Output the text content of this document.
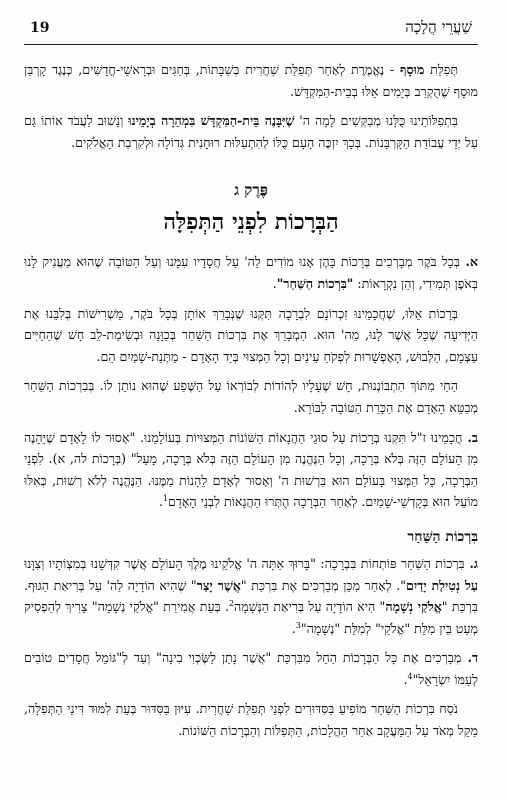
19	שַׁעֲרֵי הֲלָכָה

תְּפִלַּת מוּסָף - נֶאֱמֶרֶת לְאַחַר תְּפִלַּת שַׁחֲרִית בְּשַׁבָּתוֹת, בְּחַגִּים וּבְרָאשֵׁי-חֳדָשִׁים, כְּנֶגֶד קָרְבַּן מוּסָף שֶׁהֻקְרַב בְּיָמִים אֵלּוּ בְּבֵית-הַמִּקְדָּשׁ.

בִּתְפִלּוֹתֵינוּ כֻּלָּנוּ מְבַקְּשִׁים לָמָה ה' שֶׁיִּבָּנֶה בֵּית-הַמִּקְדָּשׁ בִּמְהֵרָה בְיָמֵינוּ וְנָשׁוּב לַעֲבֹד אוֹתוֹ גַּם עַל יְדֵי עֲבוֹדַת הַקָּרְבָּנוֹת. בְּכָךְ יִזְכֶּה הָעָם כֻּלּוֹ לְהִתְעַלּוּת רוּחָנִית גְּדוֹלָה וּלְקִרְבַת הָאֱלֹקִים.

פֶּרֶק ג
הַבְּרָכוֹת לִפְנֵי הַתְּפִלָּה

א. בְּכָל בֹּקֶר מְבָרְכִים בְּרָכוֹת בָּהֶן אָנוּ מוֹדִים לַה' עַל חֲסָדָיו עִמָּנוּ וְעַל הַטּוֹבָה שֶׁהוּא מַעֲנִיק לָנוּ בְּאֹפֶן תְּמִידִי, וְהֵן נִקְרָאוֹת: "בִּרְכוֹת הַשַּׁחַר".

בְּרָכוֹת אֵלּוּ, שֶׁחֲכָמֵינוּ זִכְרוֹנָם לִבְרָכָה תִּקְּנוּ שֶׁנְּבָרֵךְ אוֹתָן בְּכָל בֹּקֶר, מַשְׁרִישׁוֹת בְּלִבֵּנוּ אֶת הַיְּדִיעָה שֶׁכָּל אֲשֶׁר לָנוּ, מֵה' הוּא. הַמְבָרֵךְ אֶת בִּרְכוֹת הַשַּׁחַר בְּכַוָּנָה וּבְשִׂימַת-לֵב חָשׁ שֶׁהַחַיִּים עַצְמָם, הַלְּבוּשׁ, הָאֶפְשָׁרוּת לִפְקֹחַ עֵינַיִם וְכָל הַמְּצוּי בְּיַד הָאָדָם - מַתְּנַת-שָׁמַיִם הֵם.

הַחַי מִתּוֹךְ הִתְבּוֹנְנוּת, חָשׁ שֶׁעָלָיו לְהוֹדוֹת לְבוֹרְאוֹ עַל הַשֶּׁפַע שֶׁהוּא נוֹתֵן לוֹ. בְּבִרְכוֹת הַשַּׁחַר מְבַטֵּא הָאָדָם אֶת הַכָּרַת הַטּוֹבָה לַבּוֹרֵא.

ב. חֲכָמֵינוּ ז"ל תִּקְּנוּ בְּרָכוֹת עַל סוּגֵי הַהֲנָאוֹת הַשּׁוֹנוֹת הַמְּצוּיוֹת בְּעוֹלָמֵנוּ. "אָסוּר לוֹ לָאָדָם שֶׁיֵּהָנֶה מִן הָעוֹלָם הַזֶּה בְּלֹא בְּרָכָה, וְכָל הַנֶּהֱנֶה מִן הָעוֹלָם הַזֶּה בְּלֹא בְּרָכָה, מָעַל" (בְּרָכוֹת לה, א). לִפְנֵי הַבְּרָכָה, כָּל הַמְּצוּי בָּעוֹלָם הוּא בִּרְשׁוּת ה' וְאָסוּר לְאָדָם לֵהָנוֹת מִמֶּנּוּ. הַנֶּהֱנֶה לְלֹא רְשׁוּת, כְּאִלּוּ מוֹעֵל הוּא בְּקָדְשֵׁי-שָׁמַיִם. לְאַחַר הַבְּרָכָה הֻתְּרוּ הַהֲנָאוֹת לִבְנֵי הָאָדָם$^1$.

בִּרְכוֹת הַשַּׁחַר

ג. בִּרְכוֹת הַשַּׁחַר פּוֹתְחוֹת בִּבְרָכָה: "בָּרוּךְ אַתָּה ה' אֱלֹקֵינוּ מֶלֶךְ הָעוֹלָם אֲשֶׁר קִדְּשָׁנוּ בְּמִצְוֹתָיו וְצִוָּנוּ עַל נְטִילַת יָדַיִם". לְאַחַר מִכֵּן מְבָרְכִים אֶת בִּרְכַּת "אֲשֶׁר יָצַר" שֶׁהִיא הוֹדָיָה לַה' עַל בְּרִיאַת הַגּוּף. בִּרְכַּת "אֱלֹקַי נְשָׁמָה" הִיא הוֹדָיָה עַל בְּרִיאַת הַנְּשָׁמָה$^2$. בְּעֵת אֲמִירַת "אֱלֹקַי נְשָׁמָה" צָרִיךְ לְהַפְסִיק מְעַט בֵּין מִלַּת "אֱלֹקַי" לְמִלַּת "נְשָׁמָה"$^3$.

ד. מְבָרְכִים אֶת כָּל הַבְּרָכוֹת הַחֵל מִבִּרְכַּת "אֲשֶׁר נָתַן לַשֶּׂכְוִי בִינָה" וְעַד לְ"גּוֹמֵל חֲסָדִים טוֹבִים לְעַמּוֹ יִשְׂרָאֵל"$^4$.

נֹסַח בִּרְכוֹת הַשַּׁחַר מוֹפִיעַ בַּסִּדּוּרִים לִפְנֵי תְּפִלַּת שַׁחֲרִית. עִיּוּן בַּסִּדּוּר בְּעֵת לִמּוּד דִּינֵי הַתְּפִלָּה, מַקֵל מְאֹד עַל הַמַּעֲקָב אַחַר הַהֲלָכוֹת, הַתְּפִלּוֹת וְהַבְּרָכוֹת הַשּׁוֹנוֹת.
